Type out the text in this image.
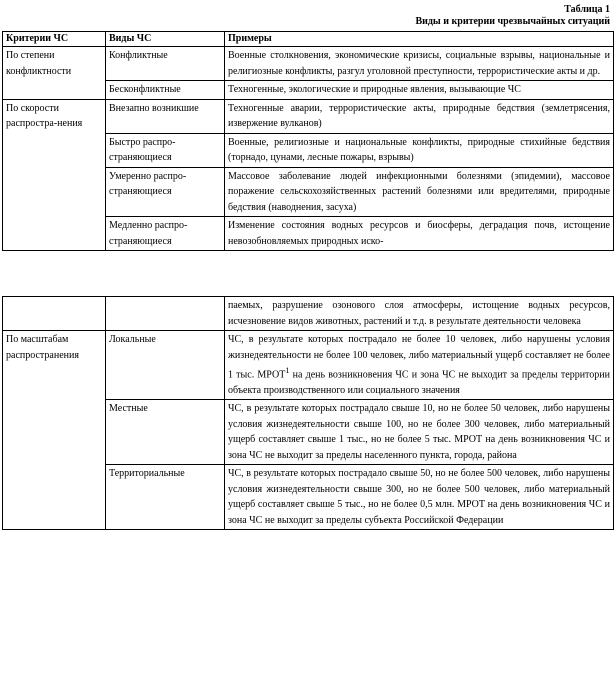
Таблица 1
Виды и критерии чрезвычайных ситуаций
Критерии ЧС	Виды ЧС	Примеры
По степени конфликтности	Конфликтные	Военные столкновения, экономические кризисы, социальные взрывы, национальные и религиозные конфликты, разгул уголовной преступности, террористические акты и др.
	Бесконфликтные	Техногенные, экологические и природные явления, вызывающие ЧС
По скорости распростра-нения	Внезапно возникшие	Техногенные аварии, террористические акты, природные бедствия (землетрясения, извержение вулканов)
	Быстро распро-страняющиеся	Военные, религиозные и национальные конфликты, природные стихийные бедствия (торнадо, цунами, лесные пожары, взрывы)
	Умеренно распро-страняющиеся	Массовое заболевание людей инфекционными болезнями (эпидемии), массовое поражение сельскохозяйственных растений болезнями или вредителями, природные бедствия (наводнения, засуха)
	Медленно распро-страняющиеся	Изменение состояния водных ресурсов и биосферы, деградация почв, истощение невозобновляемых природных иско-
		паемых, разрушение озонового слоя атмосферы, истощение водных ресурсов, исчезновение видов животных, растений и т.д. в результате деятельности человека
По масштабам распространения	Локальные	ЧС, в результате которых пострадало не более 10 человек, либо нарушены условия жизнедеятельности не более 100 человек, либо материальный ущерб составляет не более 1 тыс. МРОТ$^1$ на день возникновения ЧС и зона ЧС не выходит за пределы территории объекта производственного или социального значения
	Местные	ЧС, в результате которых пострадало свыше 10, но не более 50 человек, либо нарушены условия жизнедеятельности свыше 100, но не более 300 человек, либо материальный ущерб составляет свыше 1 тыс., но не более 5 тыс. МРОТ на день возникновения ЧС и зона ЧС не выходит за пределы населенного пункта, города, района
	Территориальные	ЧС, в результате которых пострадало свыше 50, но не более 500 человек, либо нарушены условия жизнедеятельности свыше 300, но не более 500 человек, либо материальный ущерб составляет свыше 5 тыс., но не более 0,5 млн. МРОТ на день возникновения ЧС и зона ЧС не выходит за пределы субъекта Российской Федерации
